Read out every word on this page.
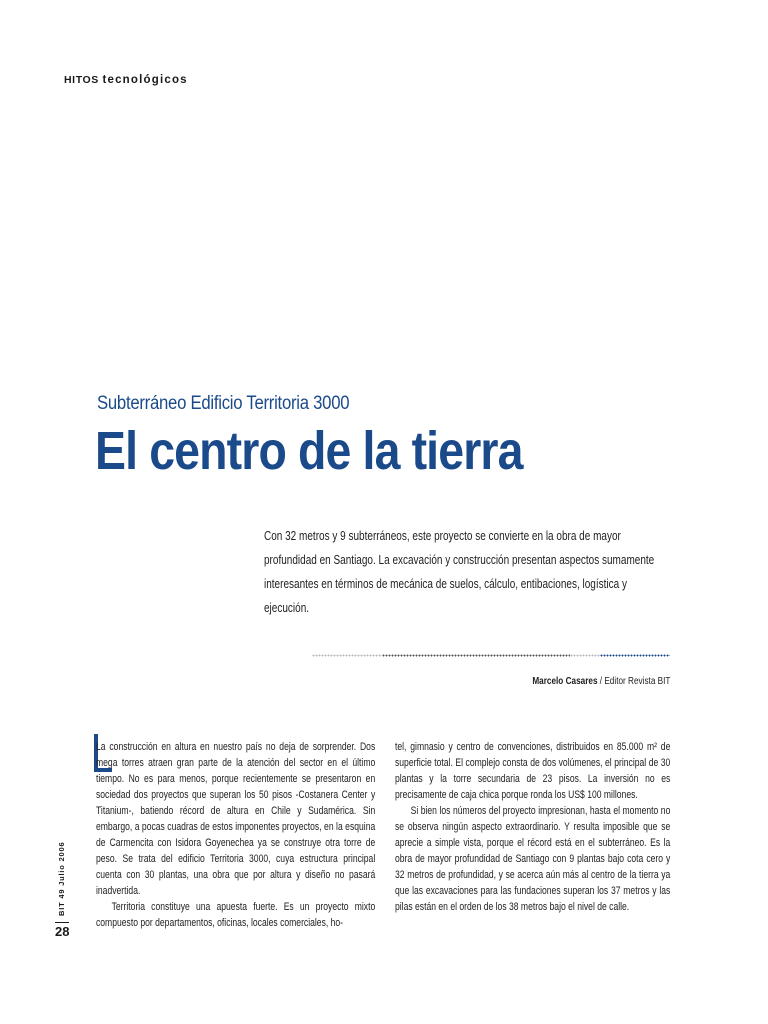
HITOS tecnológicos
Subterráneo Edificio Territoria 3000
El centro de la tierra
Con 32 metros y 9 subterráneos, este proyecto se convierte en la obra de mayor profundidad en Santiago. La excavación y construcción presentan aspectos sumamente interesantes en términos de mecánica de suelos, cálculo, entibaciones, logística y ejecución.
Marcelo Casares / Editor Revista BIT

La construcción en altura en nuestro país no deja de sorprender. Dos mega torres atraen gran parte de la atención del sector en el último tiempo. No es para menos, porque recientemente se presentaron en sociedad dos proyectos que superan los 50 pisos -Costanera Center y Titanium-, batiendo récord de altura en Chile y Sudamérica. Sin embargo, a pocas cuadras de estos imponentes proyectos, en la esquina de Carmencita con Isidora Goyenechea ya se construye otra torre de peso. Se trata del edificio Territoria 3000, cuya estructura principal cuenta con 30 plantas, una obra que por altura y diseño no pasará inadvertida.

Territoria constituye una apuesta fuerte. Es un proyecto mixto compuesto por departamentos, oficinas, locales comerciales, ho-

tel, gimnasio y centro de convenciones, distribuidos en 85.000 m² de superficie total. El complejo consta de dos volúmenes, el principal de 30 plantas y la torre secundaria de 23 pisos. La inversión no es precisamente de caja chica porque ronda los US$ 100 millones.

Si bien los números del proyecto impresionan, hasta el momento no se observa ningún aspecto extraordinario. Y resulta imposible que se aprecie a simple vista, porque el récord está en el subterráneo. Es la obra de mayor profundidad de Santiago con 9 plantas bajo cota cero y 32 metros de profundidad, y se acerca aún más al centro de la tierra ya que las excavaciones para las fundaciones superan los 37 metros y las pilas están en el orden de los 38 metros bajo el nivel de calle.

BIT 49 Julio 2006
28
